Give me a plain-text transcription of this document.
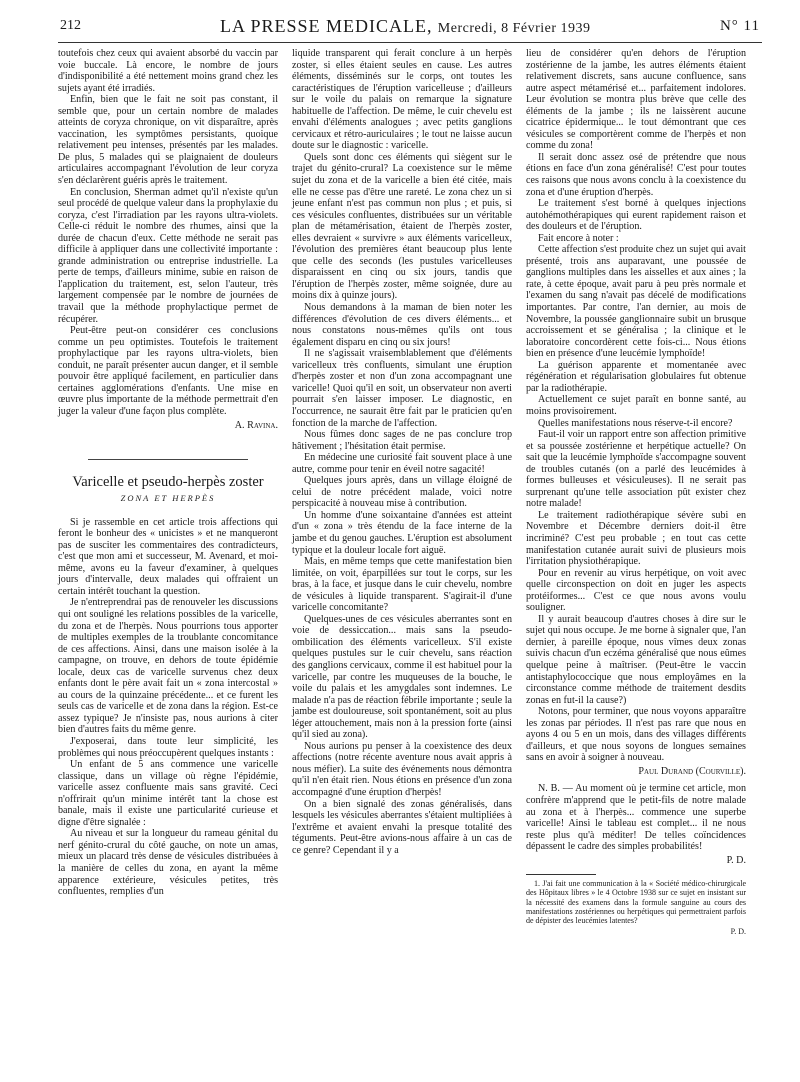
212	LA PRESSE MEDICALE, Mercredi, 8 Février 1939	N° 11

toutefois chez ceux qui avaient absorbé du vaccin par voie buccale. Là encore, le nombre de jours d'indisponibilité a été nettement moins grand chez les sujets ayant été irradiés.

Enfin, bien que le fait ne soit pas constant, il semble que, pour un certain nombre de malades atteints de coryza chronique, on vit disparaître, après vaccination, les symptômes persistants, quoique relativement peu intenses, présentés par les malades. De plus, 5 malades qui se plaignaient de douleurs articulaires accompagnant l'évolution de leur coryza s'en déclarèrent guéris après le traitement.

En conclusion, Sherman admet qu'il n'existe qu'un seul procédé de quelque valeur dans la prophylaxie du coryza, c'est l'irradiation par les rayons ultra-violets. Celle-ci réduit le nombre des rhumes, ainsi que la durée de chacun d'eux. Cette méthode ne serait pas difficile à appliquer dans une collectivité importante : grande administration ou entreprise industrielle. La perte de temps, d'ailleurs minime, subie en raison de l'application du traitement, est, selon l'auteur, très largement compensée par le nombre de journées de travail que la méthode prophylactique permet de récupérer.

Peut-être peut-on considérer ces conclusions comme un peu optimistes. Toutefois le traitement prophylactique par les rayons ultra-violets, bien conduit, ne paraît présenter aucun danger, et il semble pouvoir être appliqué facilement, en particulier dans certaines agglomérations d'enfants. Une mise en œuvre plus importante de la méthode permettrait d'en juger la valeur d'une façon plus complète.

A. Ravina.

Varicelle et pseudo-herpès zoster
ZONA ET HERPÈS

Si je rassemble en cet article trois affections qui feront le bonheur des « unicistes » et ne manqueront pas de susciter les commentaires des contradicteurs, c'est que mon ami et successeur, M. Avenard, et moi-même, avons eu la faveur d'examiner, à quelques jours d'intervalle, deux malades qui offraient un certain intérêt touchant la question.

Je n'entreprendrai pas de renouveler les discussions qui ont souligné les relations possibles de la varicelle, du zona et de l'herpès. Nous pourrions tous apporter de multiples exemples de la troublante concomitance de ces affections. Ainsi, dans une maison isolée à la campagne, on trouve, en dehors de toute épidémie locale, deux cas de varicelle survenus chez deux enfants dont le père avait fait un « zona intercostal » au cours de la quinzaine précédente... et ce furent les seuls cas de varicelle et de zona dans la région. Est-ce assez typique? Je n'insiste pas, nous aurions à citer bien d'autres faits du même genre.

J'exposerai, dans toute leur simplicité, les problèmes qui nous préoccupèrent quelques instants :

Un enfant de 5 ans commence une varicelle classique, dans un village où règne l'épidémie, varicelle assez confluente mais sans gravité. Ceci n'offrirait qu'un minime intérêt tant la chose est banale, mais il existe une particularité curieuse et digne d'être signalée :

Au niveau et sur la longueur du rameau génital du nerf génito-crural du côté gauche, on note un amas, mieux un placard très dense de vésicules distribuées à la manière de celles du zona, en ayant la même apparence extérieure, vésicules petites, très confluentes, remplies d'un

liquide transparent qui ferait conclure à un herpès zoster, si elles étaient seules en cause. Les autres éléments, disséminés sur le corps, ont toutes les caractéristiques de l'éruption varicelleuse ; d'ailleurs sur le voile du palais on remarque la signature habituelle de l'affection. De même, le cuir chevelu est envahi d'éléments analogues ; avec petits ganglions cervicaux et rétro-auriculaires ; le tout ne laisse aucun doute sur le diagnostic : varicelle.

Quels sont donc ces éléments qui siègent sur le trajet du génito-crural? La coexistence sur le même sujet du zona et de la varicelle a bien été citée, mais elle ne cesse pas d'être une rareté. Le zona chez un si jeune enfant n'est pas commun non plus ; et puis, si ces vésicules confluentes, distribuées sur un véritable plan de métamérisation, étaient de l'herpès zoster, elles devraient « survivre » aux éléments varicelleux, l'évolution des premières étant beaucoup plus lente que celle des seconds (les pustules varicelleuses disparaissent en cinq ou six jours, tandis que l'éruption de l'herpès zoster, même soignée, dure au moins dix à quinze jours).

Nous demandons à la maman de bien noter les différences d'évolution de ces divers éléments... et nous constatons nous-mêmes qu'ils ont tous également disparu en cinq ou six jours!

Il ne s'agissait vraisemblablement que d'éléments varicelleux très confluents, simulant une éruption d'herpès zoster et non d'un zona accompagnant une varicelle! Quoi qu'il en soit, un observateur non averti pourrait s'en laisser imposer. Le diagnostic, en l'occurrence, ne saurait être fait par le praticien qu'en fonction de la marche de l'affection.

Nous fûmes donc sages de ne pas conclure trop hâtivement ; l'hésitation était permise.

En médecine une curiosité fait souvent place à une autre, comme pour tenir en éveil notre sagacité!

Quelques jours après, dans un village éloigné de celui de notre précédent malade, voici notre perspicacité à nouveau mise à contribution.

Un homme d'une soixantaine d'années est atteint d'un « zona » très étendu de la face interne de la jambe et du genou gauches. L'éruption est absolument typique et la douleur locale fort aiguë.

Mais, en même temps que cette manifestation bien limitée, on voit, éparpillées sur tout le corps, sur les bras, à la face, et jusque dans le cuir chevelu, nombre de vésicules à liquide transparent. S'agirait-il d'une varicelle concomitante?

Quelques-unes de ces vésicules aberrantes sont en voie de dessiccation... mais sans la pseudo-ombilication des éléments varicelleux. S'il existe quelques pustules sur le cuir chevelu, sans réaction des ganglions cervicaux, comme il est habituel pour la varicelle, par contre les muqueuses de la bouche, le voile du palais et les amygdales sont indemnes. Le malade n'a pas de réaction fébrile importante ; seule la jambe est douloureuse, soit spontanément, soit au plus léger attouchement, mais non à la pression forte (ainsi qu'il sied au zona).

Nous aurions pu penser à la coexistence des deux affections (notre récente aventure nous avait appris à nous méfier). La suite des événements nous démontra qu'il n'en était rien. Nous étions en présence d'un zona accompagné d'une éruption d'herpès!

On a bien signalé des zonas généralisés, dans lesquels les vésicules aberrantes s'étaient multipliées à l'extrême et avaient envahi la presque totalité des téguments. Peut-être avions-nous affaire à un cas de ce genre? Cependant il y a

lieu de considérer qu'en dehors de l'éruption zostérienne de la jambe, les autres éléments étaient relativement discrets, sans aucune confluence, sans autre aspect métamérisé et... parfaitement indolores. Leur évolution se montra plus brève que celle des éléments de la jambe ; ils ne laissèrent aucune cicatrice épidermique... le tout démontrant que ces vésicules se comportèrent comme de l'herpès et non comme du zona!

Il serait donc assez osé de prétendre que nous étions en face d'un zona généralisé! C'est pour toutes ces raisons que nous avons conclu à la coexistence du zona et d'une éruption d'herpès.

Le traitement s'est borné à quelques injections autohémothérapiques qui eurent rapidement raison et des douleurs et de l'éruption.

Fait encore à noter :

Cette affection s'est produite chez un sujet qui avait présenté, trois ans auparavant, une poussée de ganglions multiples dans les aisselles et aux aines ; la rate, à cette époque, avait paru à peu près normale et l'examen du sang n'avait pas décelé de modifications importantes. Par contre, l'an dernier, au mois de Novembre, la poussée ganglionnaire subit un brusque accroissement et se généralisa ; la clinique et le laboratoire concordèrent cette fois-ci... Nous étions bien en présence d'une leucémie lymphoïde!

La guérison apparente et momentanée avec régénération et régularisation globulaires fut obtenue par la radiothérapie.

Actuellement ce sujet paraît en bonne santé, au moins provisoirement.

Quelles manifestations nous réserve-t-il encore?

Faut-il voir un rapport entre son affection primitive et sa poussée zostérienne et herpétique actuelle? On sait que la leucémie lymphoïde s'accompagne souvent de troubles cutanés (on a parlé des leucémides à formes bulleuses et vésiculeuses). Il ne serait pas surprenant qu'une telle association pût exister chez notre malade!

Le traitement radiothérapique sévère subi en Novembre et Décembre derniers doit-il être incriminé? C'est peu probable ; en tout cas cette manifestation cutanée aurait suivi de plusieurs mois l'irritation physiothérapique.

Pour en revenir au virus herpétique, on voit avec quelle circonspection on doit en juger les aspects protéiformes... C'est ce que nous avons voulu souligner.

Il y aurait beaucoup d'autres choses à dire sur le sujet qui nous occupe. Je me borne à signaler que, l'an dernier, à pareille époque, nous vîmes deux zonas suivis chacun d'un eczéma généralisé que nous eûmes quelque peine à maîtriser. (Peut-être le vaccin antistaphylococcique que nous employâmes en la circonstance comme méthode de traitement desdits zonas en fut-il la cause?)

Notons, pour terminer, que nous voyons apparaître les zonas par périodes. Il n'est pas rare que nous en ayons 4 ou 5 en un mois, dans des villages différents d'ailleurs, et que nous soyons de longues semaines sans en avoir à soigner à nouveau.

Paul Durand (Courville).

N. B. — Au moment où je termine cet article, mon confrère m'apprend que le petit-fils de notre malade au zona et à l'herpès... commence une superbe varicelle! Ainsi le tableau est complet... il ne nous reste plus qu'à méditer! De telles coïncidences dépassent le cadre des simples probabilités!

P. D.

1. J'ai fait une communication à la « Société médico-chirurgicale des Hôpitaux libres » le 4 Octobre 1938 sur ce sujet en insistant sur la nécessité des examens dans la formule sanguine au cours des manifestations zostériennes ou herpétiques qui permettraient parfois de dépister des leucémies latentes?

P. D.
